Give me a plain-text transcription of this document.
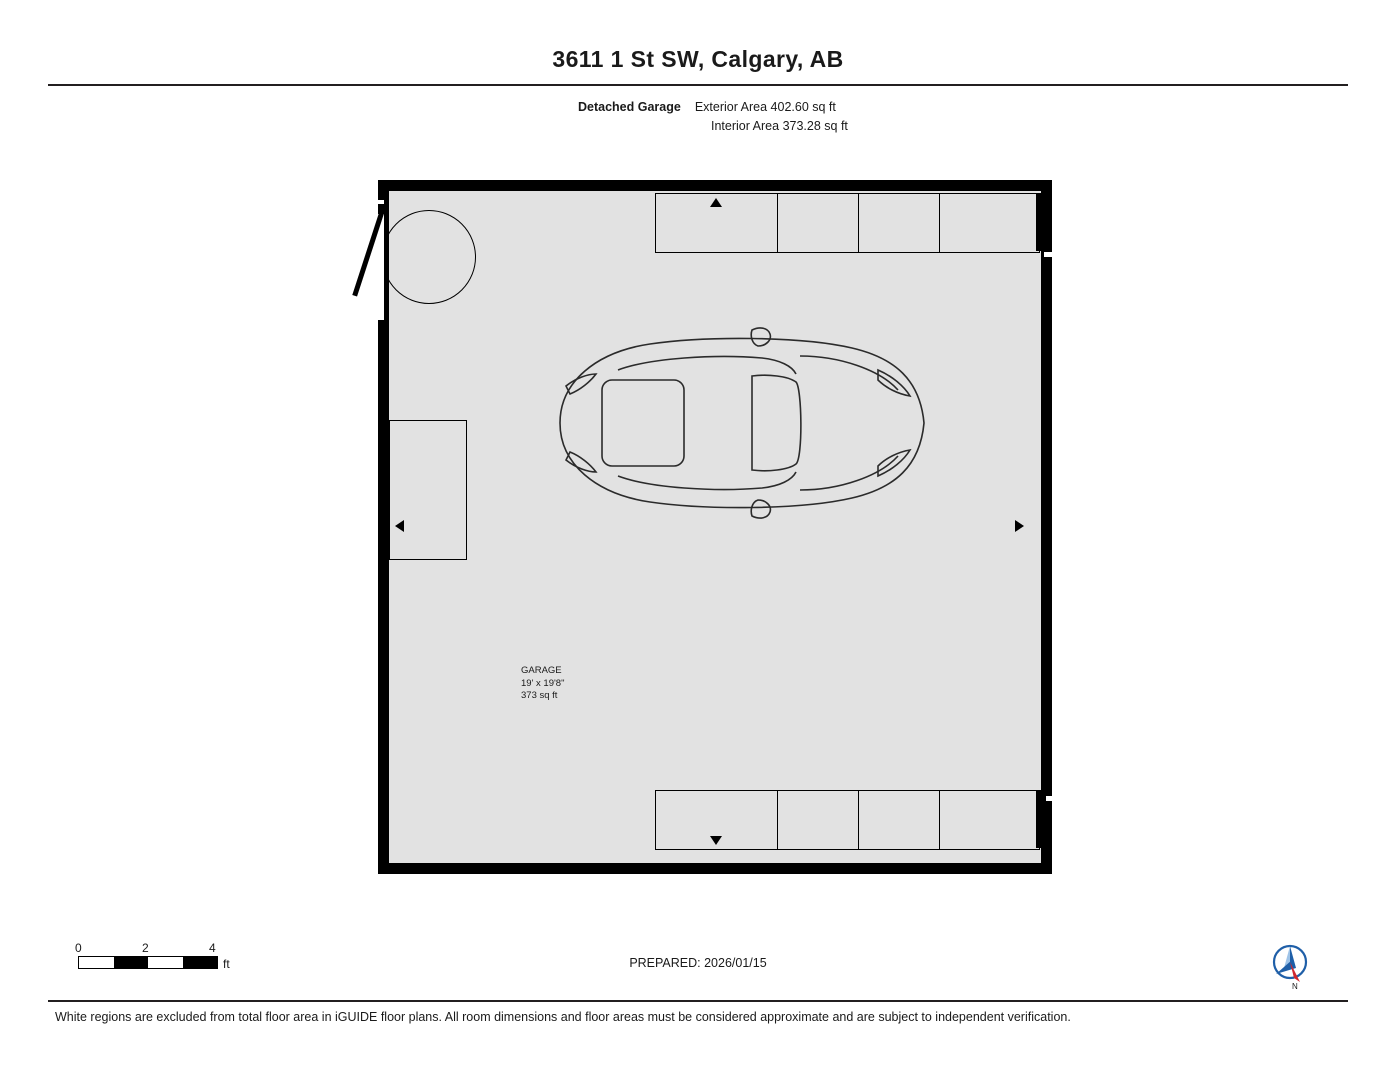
3611 1 St SW, Calgary, AB
Detached Garage Exterior Area 402.60 sq ft
Interior Area 373.28 sq ft
GARAGE
19' x 19'8"
373 sq ft
0	2	4
ft	PREPARED: 2026/01/15
N
White regions are excluded from total floor area in iGUIDE floor plans. All room dimensions and floor areas must be considered approximate and are subject to independent verification.
